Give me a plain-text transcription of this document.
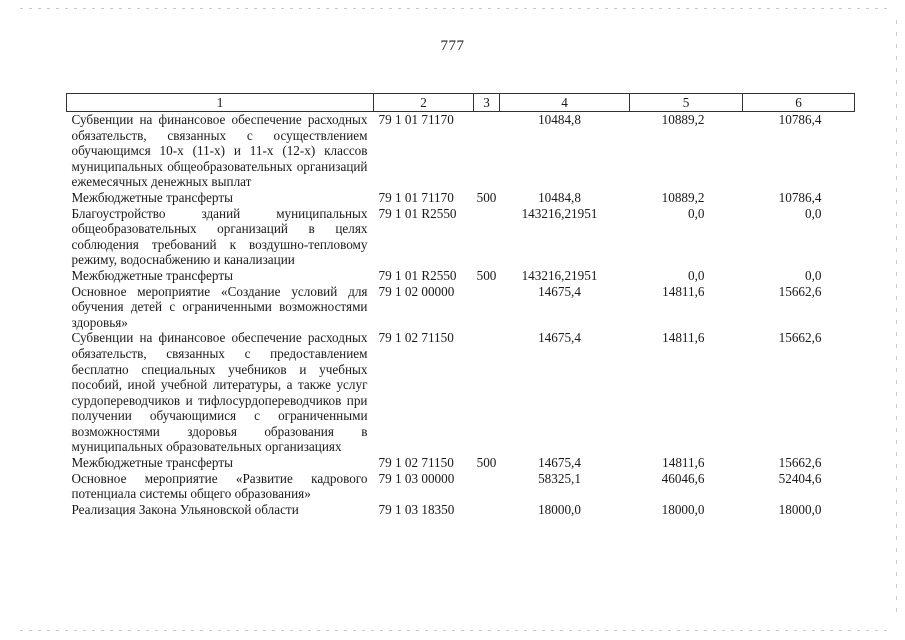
777
1	2	3	4	5	6
Субвенции на финансовое обеспечение расходных обязательств, связанных с осуществлением обучающимся 10-х (11-х) и 11-х (12-х) классов муниципальных общеобразовательных организаций ежемесячных денежных выплат	79 1 01 71170		10484,8	10889,2	10786,4
Межбюджетные трансферты	79 1 01 71170	500	10484,8	10889,2	10786,4
Благоустройство зданий муниципальных общеобразовательных организаций в целях соблюдения требований к воздушно-тепловому режиму, водоснабжению и канализации	79 1 01 R2550		143216,21951	0,0	0,0
Межбюджетные трансферты	79 1 01 R2550	500	143216,21951	0,0	0,0
Основное мероприятие «Создание условий для обучения детей с ограниченными возможностями здоровья»	79 1 02 00000		14675,4	14811,6	15662,6
Субвенции на финансовое обеспечение расходных обязательств, связанных с предоставлением бесплатно специальных учебников и учебных пособий, иной учебной литературы, а также услуг сурдопереводчиков и тифлосурдопереводчиков при получении обучающимися с ограниченными возможностями здоровья образования в муниципальных образовательных организациях	79 1 02 71150		14675,4	14811,6	15662,6
Межбюджетные трансферты	79 1 02 71150	500	14675,4	14811,6	15662,6
Основное мероприятие «Развитие кадрового потенциала системы общего образования»	79 1 03 00000		58325,1	46046,6	52404,6
Реализация Закона Ульяновской области	79 1 03 18350		18000,0	18000,0	18000,0
